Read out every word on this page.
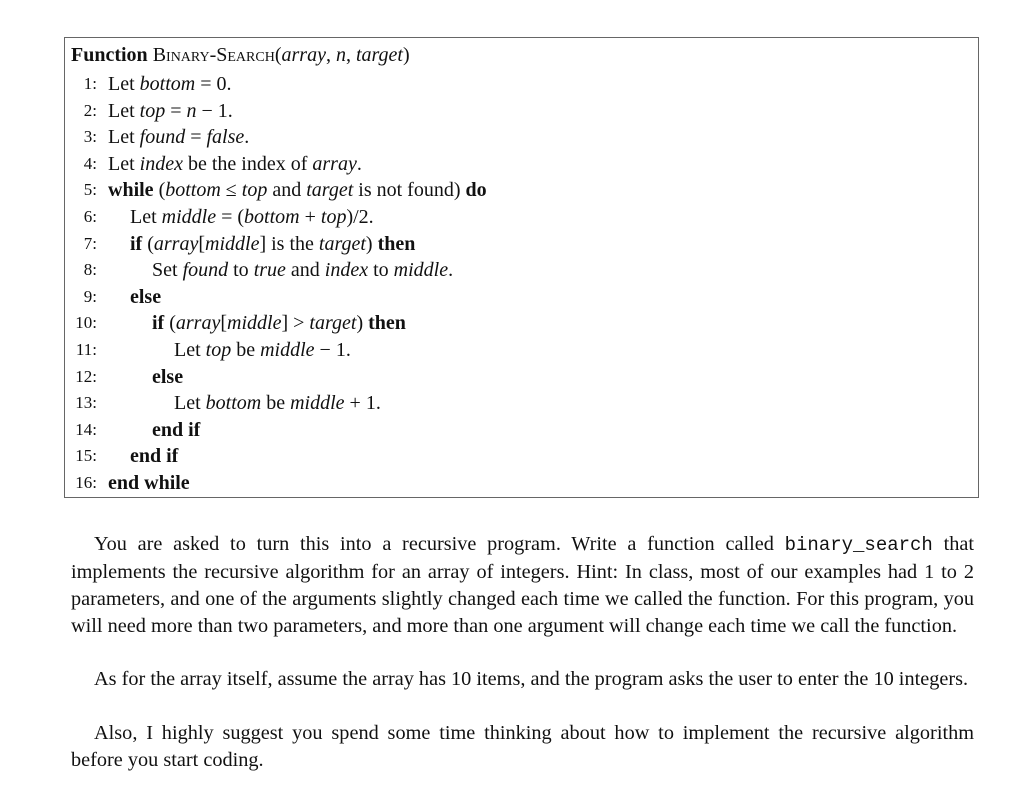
Function Binary-Search(array, n, target)
1: Let bottom = 0.
2: Let top = n − 1.
3: Let found = false.
4: Let index be the index of array.
5: while (bottom ≤ top and target is not found) do
6: Let middle = (bottom + top)/2.
7: if (array[middle] is the target) then
8:	Set found to true and index to middle.
9: else
10:	if (array[middle] > target) then
11:	Let top be middle − 1.
12:	else
13:	Let bottom be middle + 1.
14:	end if
15: end if
16: end while

You are asked to turn this into a recursive program. Write a function called binary_search that implements the recursive algorithm for an array of integers. Hint: In class, most of our examples had 1 to 2 parameters, and one of the arguments slightly changed each time we called the function. For this program, you will need more than two parameters, and more than one argument will change each time we call the function.

As for the array itself, assume the array has 10 items, and the program asks the user to enter the 10 integers.

Also, I highly suggest you spend some time thinking about how to implement the recursive algorithm before you start coding.
